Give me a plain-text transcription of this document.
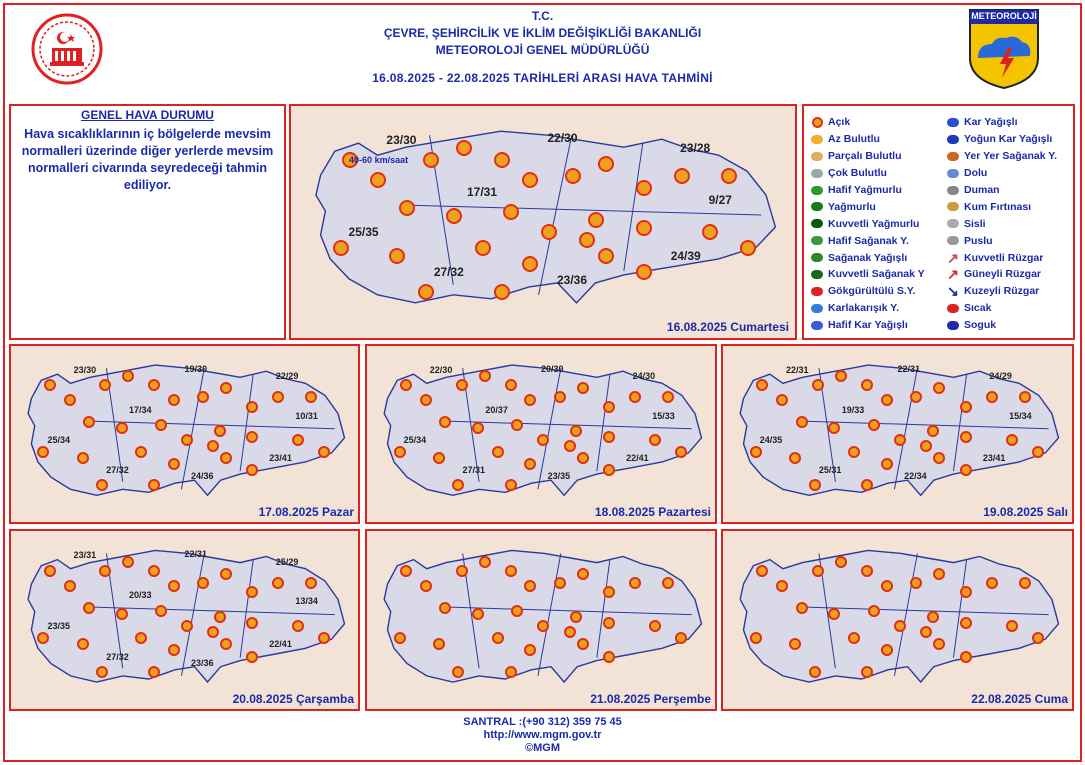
T.C.
ÇEVRE, ŞEHİRCİLİK VE İKLİM DEĞİŞİKLİĞİ BAKANLIĞI
METEOROLOJİ GENEL MÜDÜRLÜĞÜ
16.08.2025 - 22.08.2025 TARİHLERİ ARASI HAVA TAHMİNİ
METEOROLOJİ
GENEL HAVA DURUMU
Hava sıcaklıklarının iç bölgelerde mevsim normalleri üzerinde diğer yerlerde mevsim normalleri civarında seyredeceği tahmin ediliyor.
16.08.2025 Cumartesi
23/30	22/30
23/28
17/31
9/27
25/35
24/39
27/32
23/36
40-60 km/saat
17.08.2025 Pazar
23/30	19/30
22/29
17/34
10/31
25/34
23/41
27/32
24/36
18.08.2025 Pazartesi
22/30	20/30
24/30
20/37
15/33
25/34
22/41
27/31
23/35
19.08.2025 Salı
22/31	22/31
24/29
19/33
15/34
24/35
23/41
25/31
22/34
20.08.2025 Çarşamba
23/31	22/31
25/29
20/33
13/34
23/35
22/41
27/32
23/36
21.08.2025 Perşembe	22.08.2025 Cuma
Açık
Az Bulutlu
Parçalı Bulutlu
Çok Bulutlu
Hafif Yağmurlu
Yağmurlu
Kuvvetli Yağmurlu
Hafif Sağanak Y.
Sağanak Yağışlı
Kuvvetli Sağanak Y
Gökgürültülü S.Y.
Karlakarışık Y.
Hafif Kar Yağışlı
Kar Yağışlı
Yoğun Kar Yağışlı
Yer Yer Sağanak Y.
Dolu
Duman
Kum Fırtınası
Sisli
Puslu
↗ Kuvvetli Rüzgar
↗ Güneyli Rüzgar
↘ Kuzeyli Rüzgar
Sıcak
Soguk
SANTRAL :(+90 312) 359 75 45
http://www.mgm.gov.tr
©MGM
